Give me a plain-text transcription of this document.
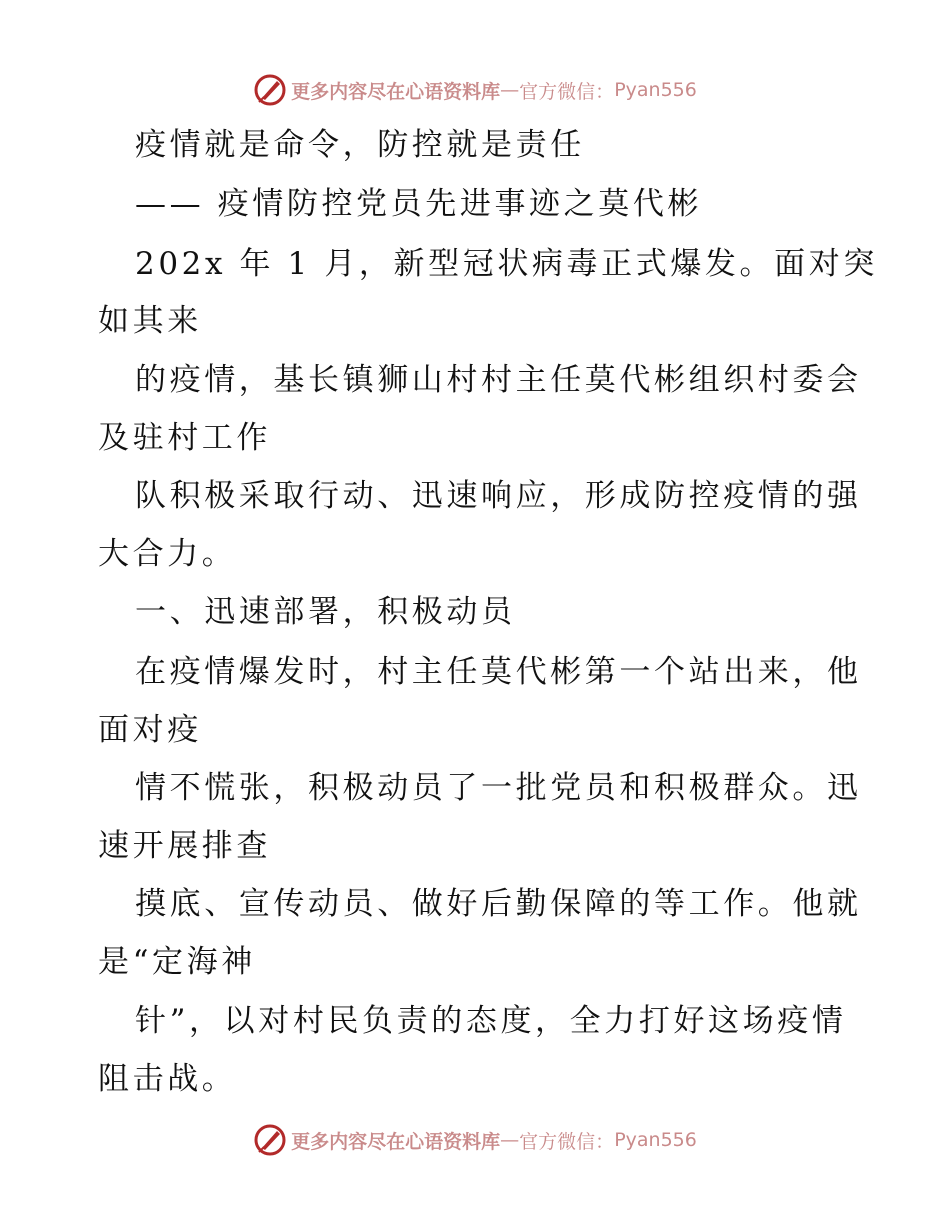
更多内容尽在心语资料库 — 官方微信： Pyan556
疫情就是命令，防控就是责任
—— 疫情防控党员先进事迹之莫代彬
202x 年 1 月，新型冠状病毒正式爆发。面对突
如其来
的疫情，基长镇狮山村村主任莫代彬组织村委会
及驻村工作
队积极采取行动、迅速响应，形成防控疫情的强
大合力。
一、迅速部署，积极动员
在疫情爆发时，村主任莫代彬第一个站出来，他
面对疫
情不慌张，积极动员了一批党员和积极群众。迅
速开展排查
摸底、宣传动员、做好后勤保障的等工作。他就
是“定海神
针”，以对村民负责的态度，全力打好这场疫情
阻击战。
更多内容尽在心语资料库 — 官方微信： Pyan556
